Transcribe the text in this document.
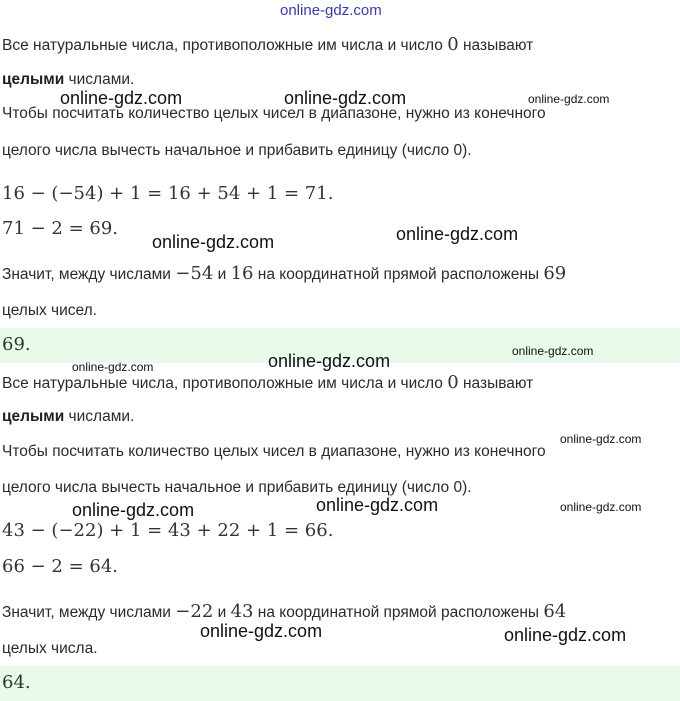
online-gdz.com
Все натуральные числа, противоположные им числа и число 0 называют
целыми числами.
Чтобы посчитать количество целых чисел в диапазоне, нужно из конечного
целого числа вычесть начальное и прибавить единицу (число 0).
16 − (−54) + 1 = 16 + 54 + 1 = 71.
71 − 2 = 69.
Значит, между числами −54 и 16 на координатной прямой расположены 69
целых чисел.
69.
Все натуральные числа, противоположные им числа и число 0 называют
целыми числами.
Чтобы посчитать количество целых чисел в диапазоне, нужно из конечного
целого числа вычесть начальное и прибавить единицу (число 0).
43 − (−22) + 1 = 43 + 22 + 1 = 66.
66 − 2 = 64.
Значит, между числами −22 и 43 на координатной прямой расположены 64
целых числа.
64.
online-gdz.com	online-gdz.com	online-gdz.com
online-gdz.com	online-gdz.com
online-gdz.com	online-gdz.com	online-gdz.com
online-gdz.com
online-gdz.com	online-gdz.com	online-gdz.com
online-gdz.com	online-gdz.com
